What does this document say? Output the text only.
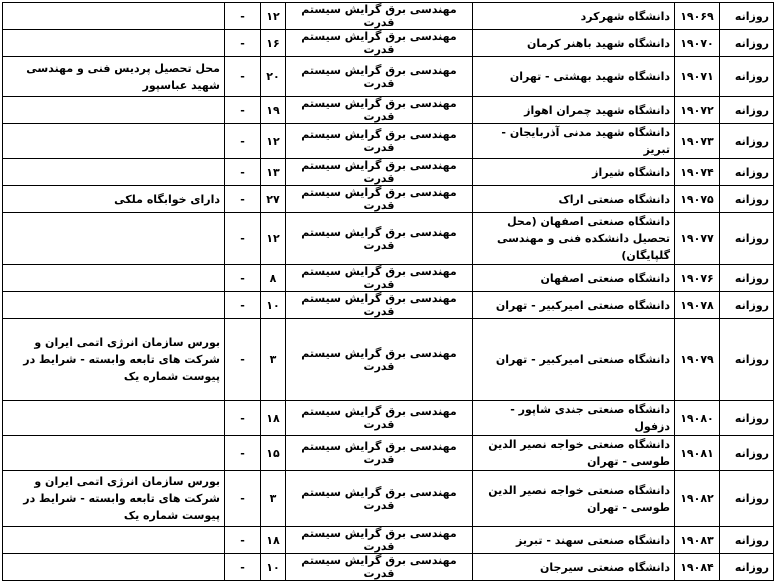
روزانه	۱۹۰۶۹	دانشگاه شهرکرد	مهندسی برق گرایش سیستم قدرت	۱۲	-	
روزانه	۱۹۰۷۰	دانشگاه شهید باهنر کرمان	مهندسی برق گرایش سیستم قدرت	۱۶	-	
روزانه	۱۹۰۷۱	دانشگاه شهید بهشتی - تهران	مهندسی برق گرایش سیستم قدرت	۲۰	-	محل تحصیل پردیس فنی و مهندسی شهید عباسپور
روزانه	۱۹۰۷۲	دانشگاه شهید چمران اهواز	مهندسی برق گرایش سیستم قدرت	۱۹	-	
روزانه	۱۹۰۷۳	دانشگاه شهید مدنی آذربایجان - تبریز	مهندسی برق گرایش سیستم قدرت	۱۲	-	
روزانه	۱۹۰۷۴	دانشگاه شیراز	مهندسی برق گرایش سیستم قدرت	۱۳	-	
روزانه	۱۹۰۷۵	دانشگاه صنعتی اراک	مهندسی برق گرایش سیستم قدرت	۲۷	-	دارای خوابگاه ملکی
روزانه	۱۹۰۷۷	دانشگاه صنعتی اصفهان (محل تحصیل دانشکده فنی و مهندسی گلپایگان)	مهندسی برق گرایش سیستم قدرت	۱۲	-	
روزانه	۱۹۰۷۶	دانشگاه صنعتی اصفهان	مهندسی برق گرایش سیستم قدرت	۸	-	
روزانه	۱۹۰۷۸	دانشگاه صنعتی امیرکبیر - تهران	مهندسی برق گرایش سیستم قدرت	۱۰	-	
روزانه	۱۹۰۷۹	دانشگاه صنعتی امیرکبیر - تهران	مهندسی برق گرایش سیستم قدرت	۳	-	بورس سازمان انرژی اتمی ایران و شرکت های تابعه وابسته - شرایط در پیوست شماره یک
روزانه	۱۹۰۸۰	دانشگاه صنعتی جندی شاپور - دزفول	مهندسی برق گرایش سیستم قدرت	۱۸	-	
روزانه	۱۹۰۸۱	دانشگاه صنعتی خواجه نصیر الدین طوسی - تهران	مهندسی برق گرایش سیستم قدرت	۱۵	-	
روزانه	۱۹۰۸۲	دانشگاه صنعتی خواجه نصیر الدین طوسی - تهران	مهندسی برق گرایش سیستم قدرت	۳	-	بورس سازمان انرژی اتمی ایران و شرکت های تابعه وابسته - شرایط در پیوست شماره یک
روزانه	۱۹۰۸۳	دانشگاه صنعتی سهند - تبریز	مهندسی برق گرایش سیستم قدرت	۱۸	-	
روزانه	۱۹۰۸۴	دانشگاه صنعتی سیرجان	مهندسی برق گرایش سیستم قدرت	۱۰	-	
